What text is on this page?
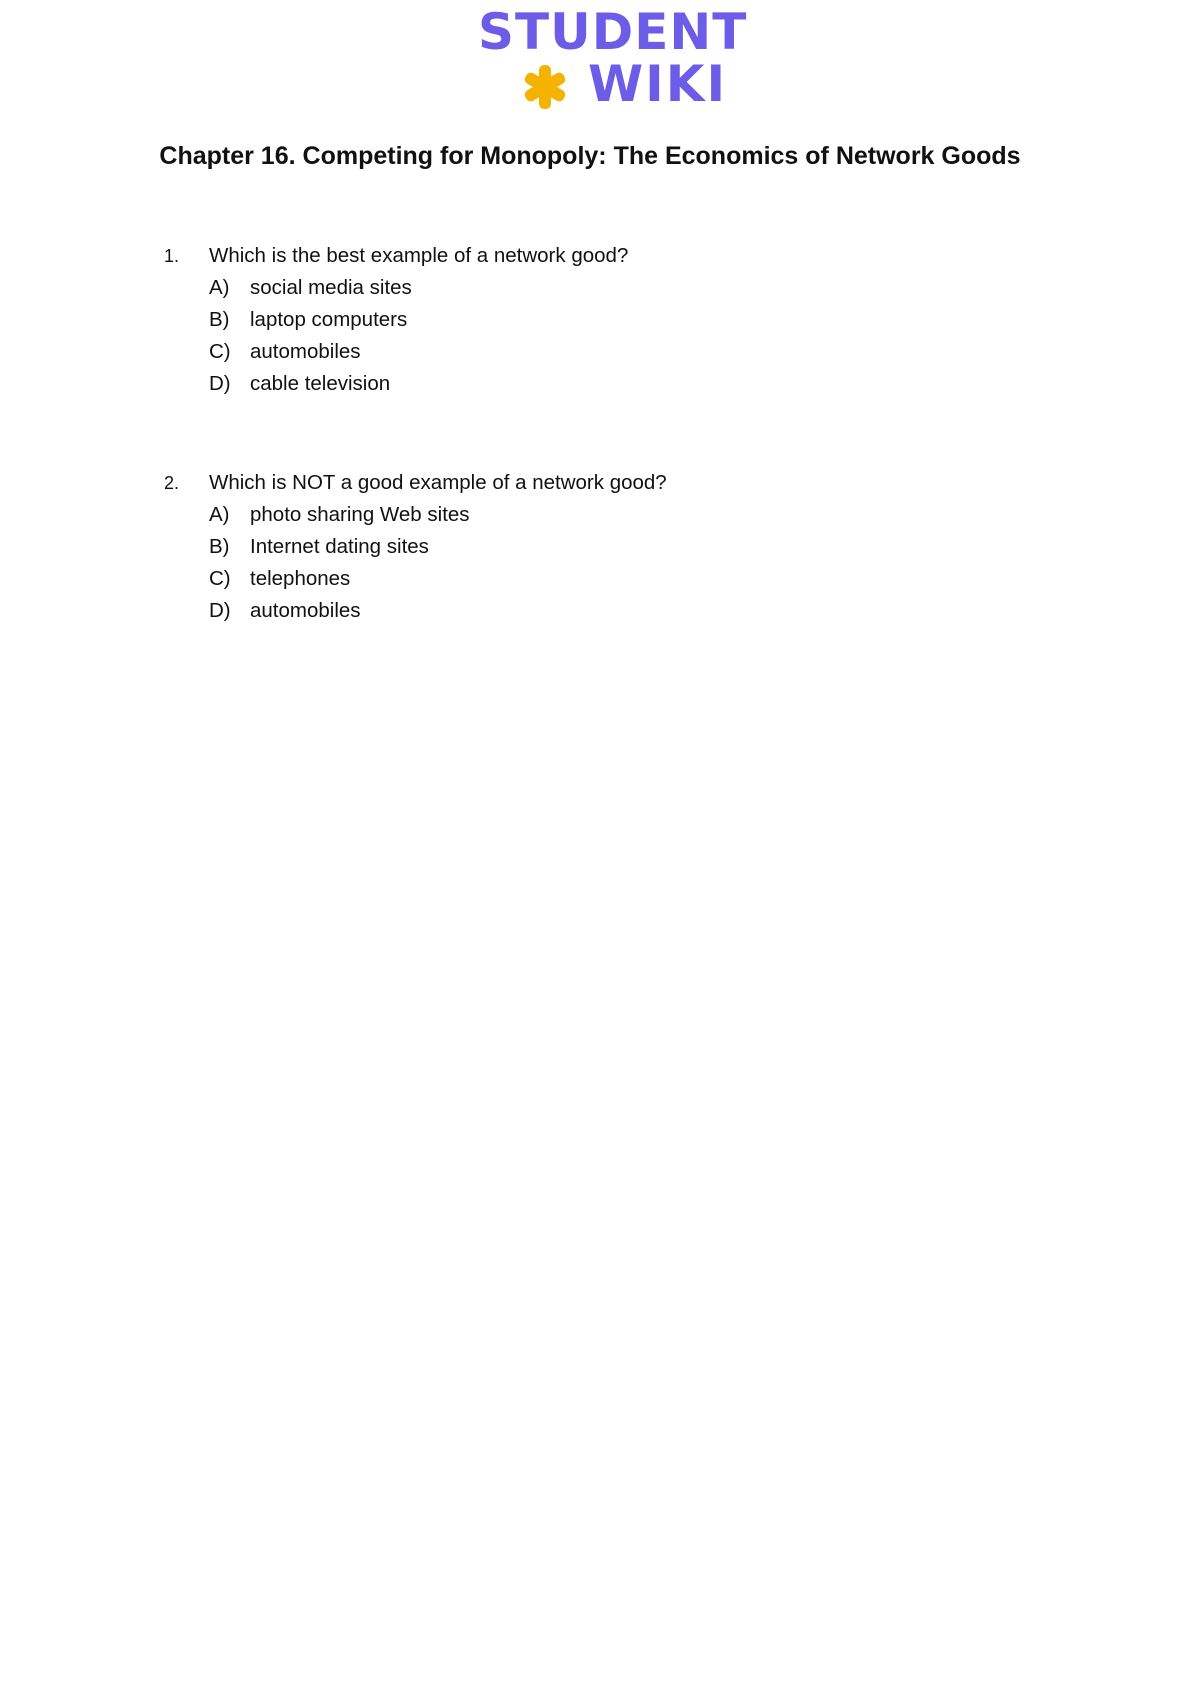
STUDENT
WIKI
Chapter 16. Competing for Monopoly: The Economics of Network Goods
1. Which is the best example of a network good?
A)	social media sites
B)	laptop computers
C) automobiles
D) cable television
2. Which is NOT a good example of a network good?
A)	photo sharing Web sites
B)	Internet dating sites
C) telephones
D) automobiles
